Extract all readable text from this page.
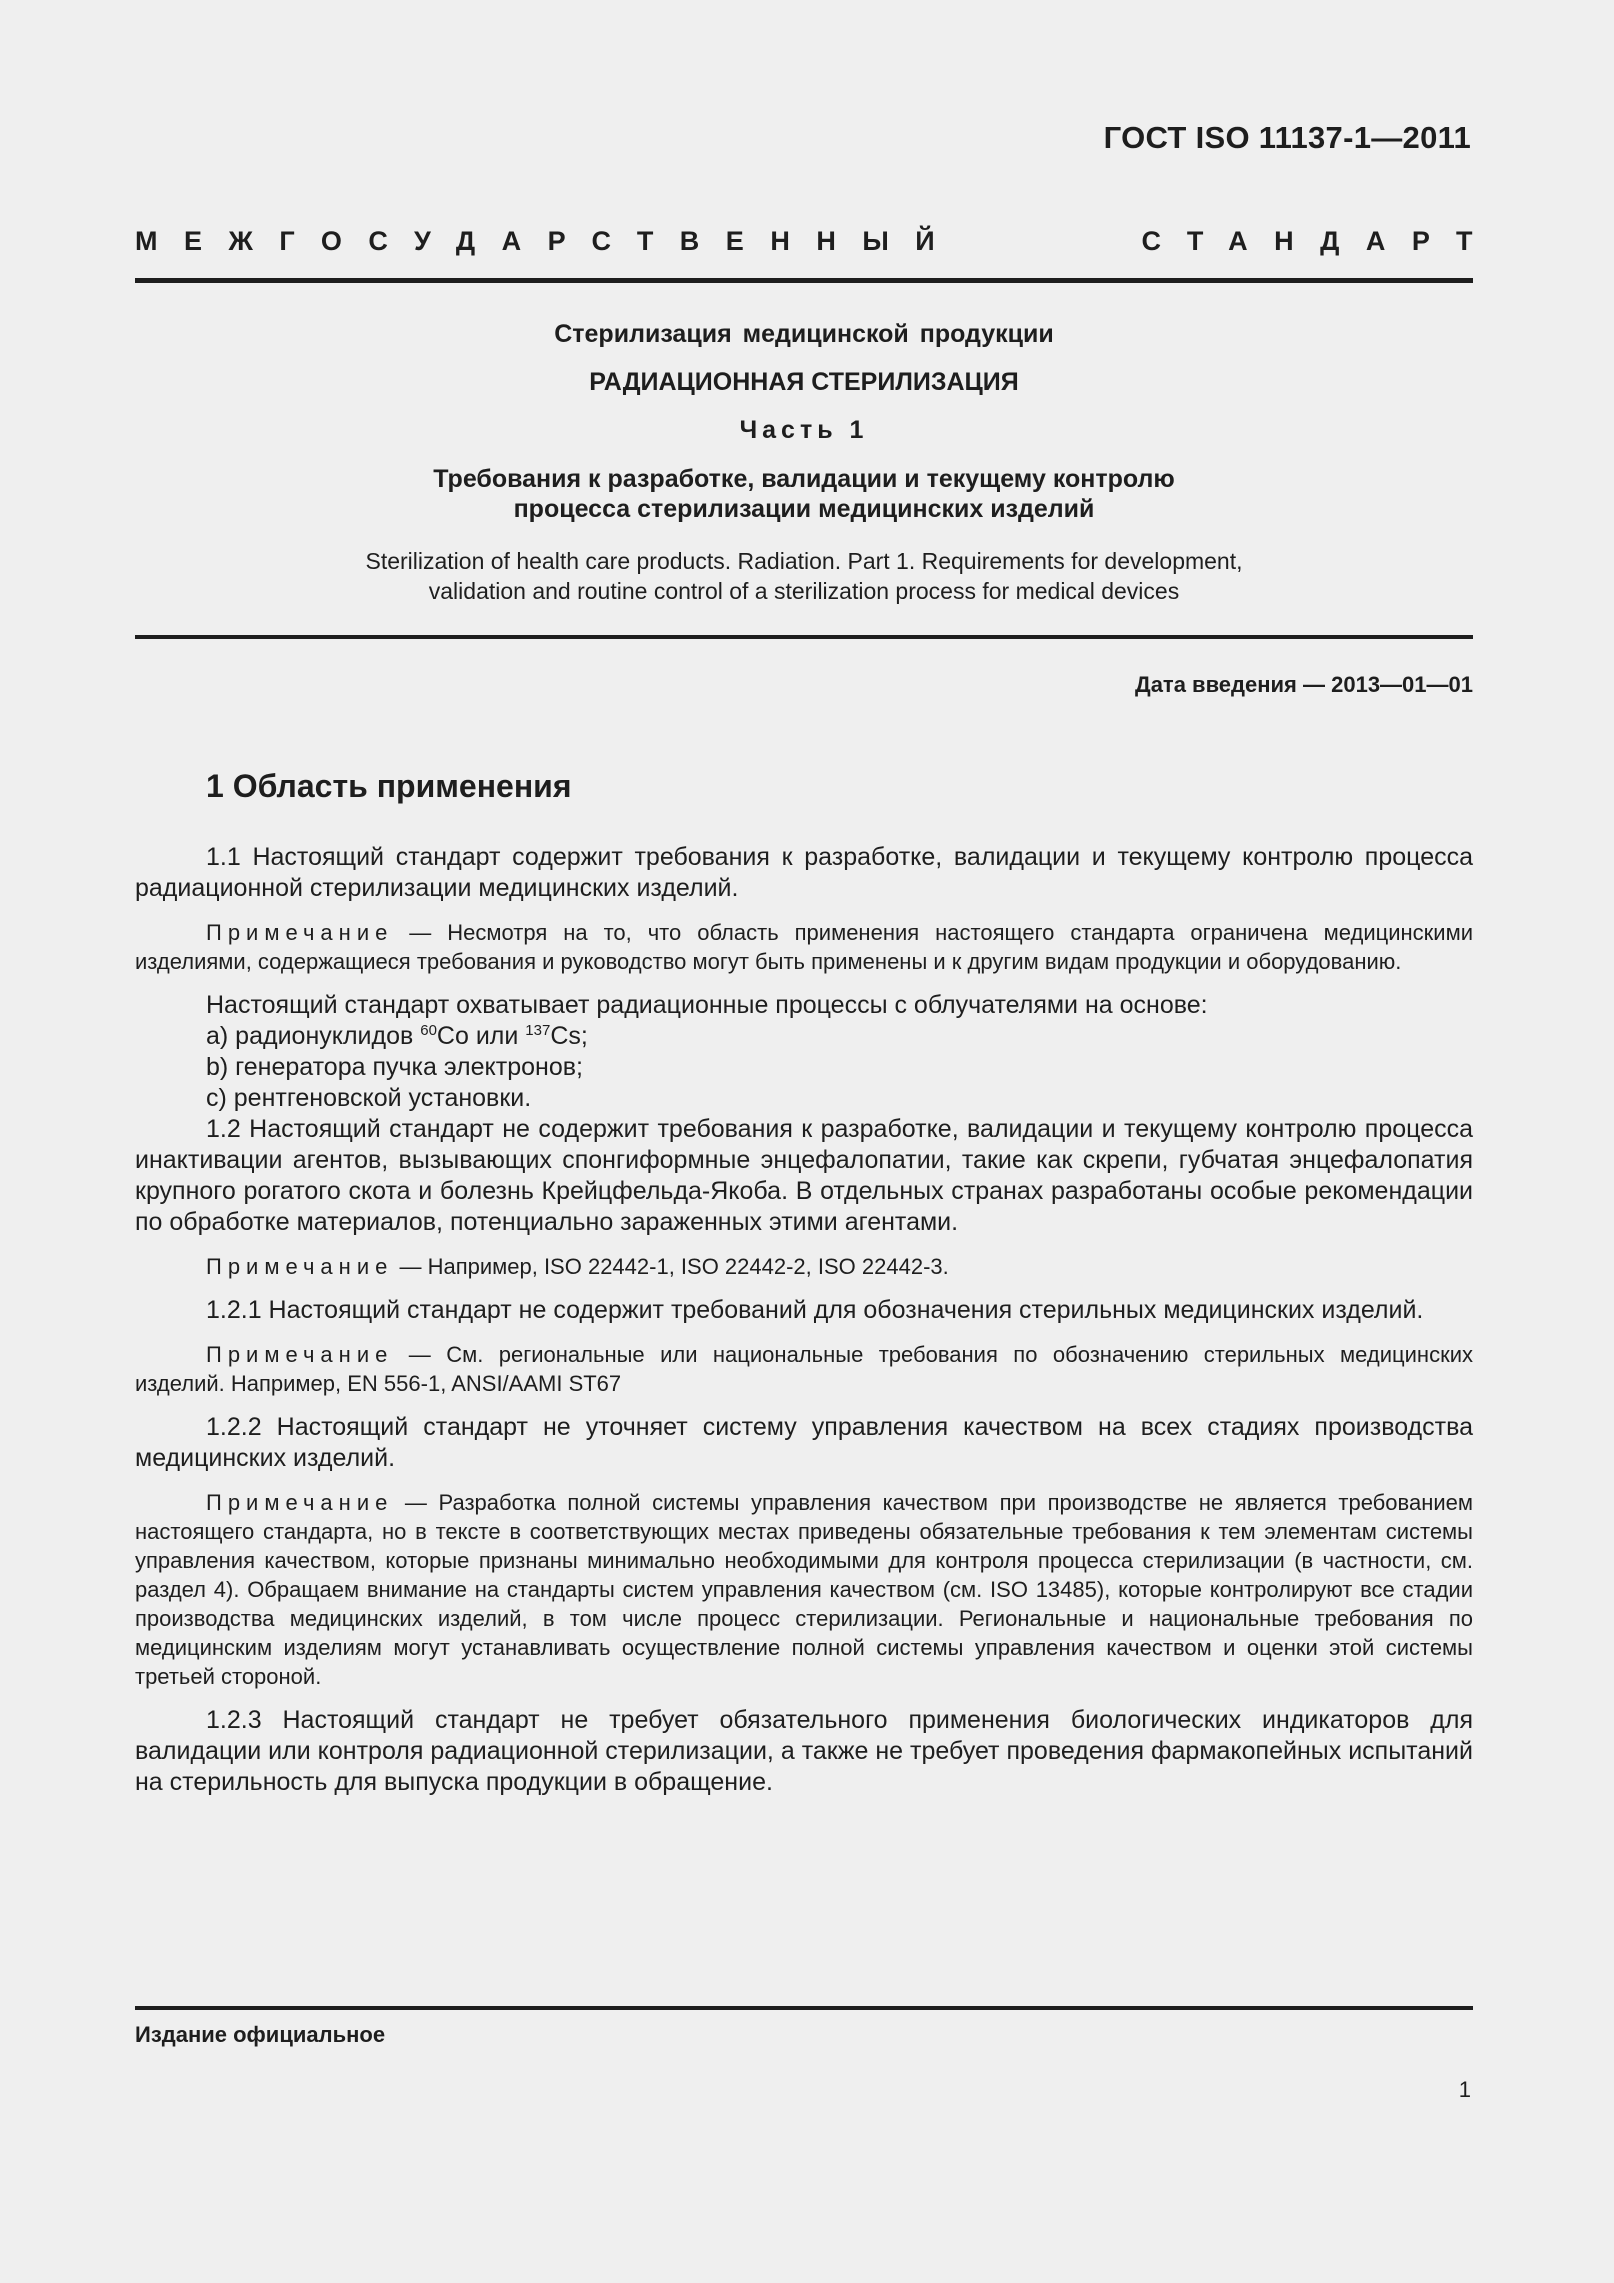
ГОСТ ISO 11137-1—2011
МЕЖГОСУДАРСТВЕННЫЙ	СТАНДАРТ
Стерилизация медицинской продукции
РАДИАЦИОННАЯ СТЕРИЛИЗАЦИЯ
Часть 1
Требования к разработке, валидации и текущему контролю
процесса стерилизации медицинских изделий
Sterilization of health care products. Radiation. Part 1. Requirements for development,
validation and routine control of a sterilization process for medical devices
Дата введения — 2013—01—01
1 Область применения

1.1 Настоящий стандарт содержит требования к разработке, валидации и текущему контролю процесса радиационной стерилизации медицинских изделий.

Примечание — Несмотря на то, что область применения настоящего стандарта ограничена медицинскими изделиями, содержащиеся требования и руководство могут быть применены и к другим видам продукции и оборудованию.

Настоящий стандарт охватывает радиационные процессы с облучателями на основе:

а) радионуклидов $^{60}$Co или $^{137}$Cs;

b) генератора пучка электронов;

c) рентгеновской установки.

1.2 Настоящий стандарт не содержит требования к разработке, валидации и текущему контролю процесса инактивации агентов, вызывающих спонгиформные энцефалопатии, такие как скрепи, губчатая энцефалопатия крупного рогатого скота и болезнь Крейцфельда-Якоба. В отдельных странах разработаны особые рекомендации по обработке материалов, потенциально зараженных этими агентами.

Примечание — Например, ISO 22442-1, ISO 22442-2, ISO 22442-3.

1.2.1 Настоящий стандарт не содержит требований для обозначения стерильных медицинских изделий.

Примечание — См. региональные или национальные требования по обозначению стерильных медицинских изделий. Например, EN 556-1, ANSI/AAMI ST67

1.2.2 Настоящий стандарт не уточняет систему управления качеством на всех стадиях производства медицинских изделий.

Примечание — Разработка полной системы управления качеством при производстве не является требованием настоящего стандарта, но в тексте в соответствующих местах приведены обязательные требования к тем элементам системы управления качеством, которые признаны минимально необходимыми для контроля процесса стерилизации (в частности, см. раздел 4). Обращаем внимание на стандарты систем управления качеством (см. ISO 13485), которые контролируют все стадии производства медицинских изделий, в том числе процесс стерилизации. Региональные и национальные требования по медицинским изделиям могут устанавливать осуществление полной системы управления качеством и оценки этой системы третьей стороной.

1.2.3 Настоящий стандарт не требует обязательного применения биологических индикаторов для валидации или контроля радиационной стерилизации, а также не требует проведения фармакопейных испытаний на стерильность для выпуска продукции в обращение.

Издание официальное
1
